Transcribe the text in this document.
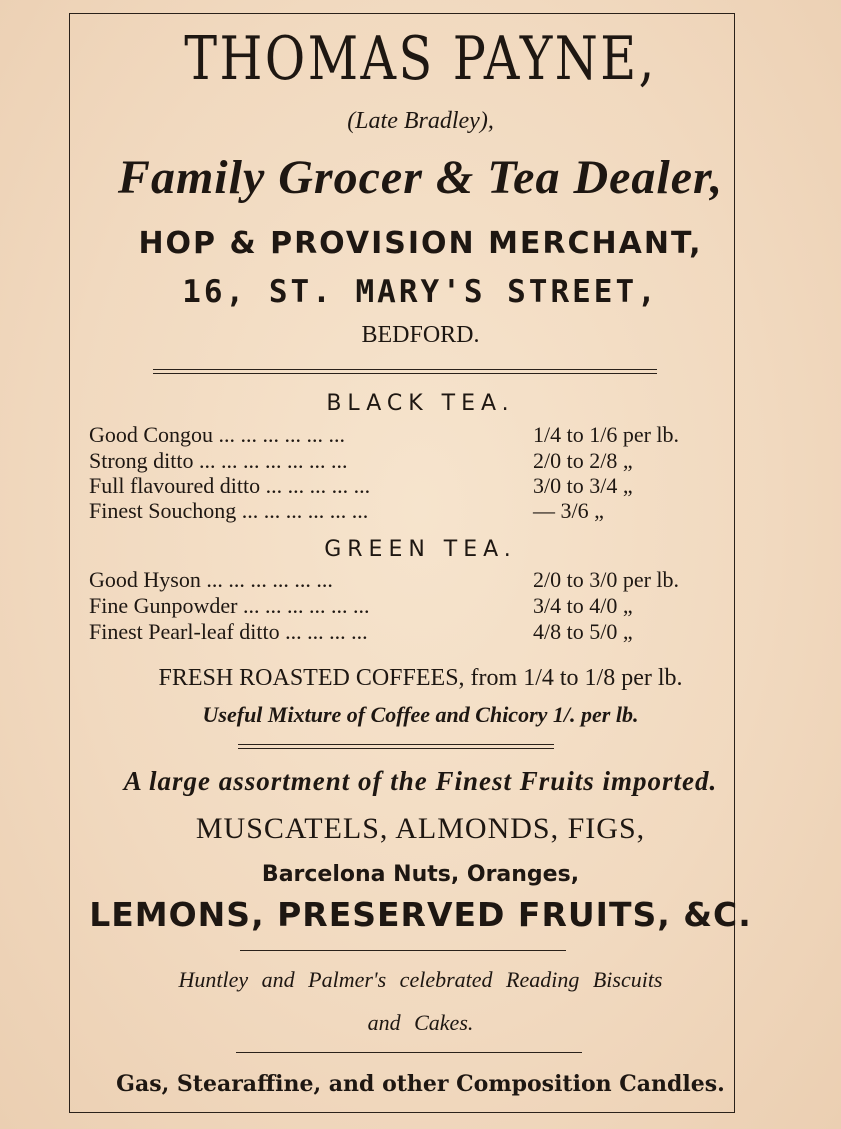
THOMAS PAYNE,
(Late Bradley),
Family Grocer & Tea Dealer,
HOP & PROVISION MERCHANT,
16, ST. MARY'S STREET,
BEDFORD.
BLACK TEA.
Good Congou ... ... ... ... ... ...	1/4 to 1/6 per lb.
Strong ditto ... ... ... ... ... ... ...	2/0 to 2/8 „
Full flavoured ditto ... ... ... ... ...	3/0 to 3/4 „
Finest Souchong ... ... ... ... ... ...	— 3/6 „
GREEN TEA.
Good Hyson ... ... ... ... ... ...	2/0 to 3/0 per lb.
Fine Gunpowder ... ... ... ... ... ...	3/4 to 4/0 „
Finest Pearl-leaf ditto ... ... ... ...	4/8 to 5/0 „
FRESH ROASTED COFFEES, from 1/4 to 1/8 per lb.
Useful Mixture of Coffee and Chicory 1/. per lb.
A large assortment of the Finest Fruits imported.
MUSCATELS, ALMONDS, FIGS,
Barcelona Nuts, Oranges,
LEMONS, PRESERVED FRUITS, &C.
Huntley and Palmer's celebrated Reading Biscuits
and Cakes.
Gas, Stearaffine, and other Composition Candles.
